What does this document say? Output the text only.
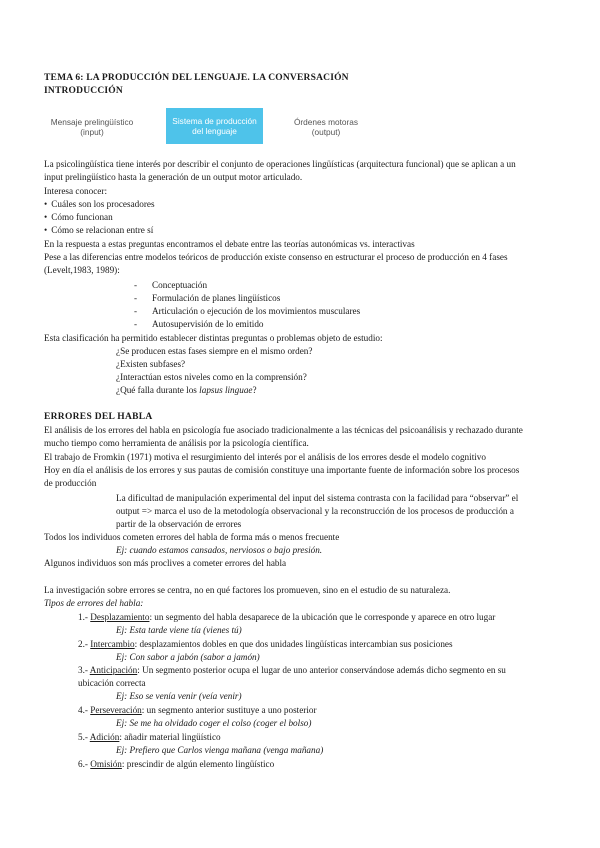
TEMA 6: LA PRODUCCIÓN DEL LENGUAJE. LA CONVERSACIÓN
INTRODUCCIÓN
Mensaje prelingüístico
(input)
Sistema de producción
del lenguaje
Órdenes motoras
(output)
La psicolingüística tiene interés por describir el conjunto de operaciones lingüísticas (arquitectura funcional) que se aplican a un
input prelingüístico hasta la generación de un output motor articulado.
Interesa conocer:
• Cuáles son los procesadores
• Cómo funcionan
• Cómo se relacionan entre sí
En la respuesta a estas preguntas encontramos el debate entre las teorías autonómicas vs. interactivas
Pese a las diferencias entre modelos teóricos de producción existe consenso en estructurar el proceso de producción en 4 fases
(Levelt,1983, 1989):
- Conceptuación
- Formulación de planes lingüísticos
- Articulación o ejecución de los movimientos musculares
- Autosupervisión de lo emitido
Esta clasificación ha permitido establecer distintas preguntas o problemas objeto de estudio:
¿Se producen estas fases siempre en el mismo orden?
¿Existen subfases?
¿Interactúan estos niveles como en la comprensión?
¿Qué falla durante los lapsus linguae?
ERRORES DEL HABLA
El análisis de los errores del habla en psicología fue asociado tradicionalmente a las técnicas del psicoanálisis y rechazado durante
mucho tiempo como herramienta de análisis por la psicología científica.
El trabajo de Fromkin (1971) motiva el resurgimiento del interés por el análisis de los errores desde el modelo cognitivo
Hoy en día el análisis de los errores y sus pautas de comisión constituye una importante fuente de información sobre los procesos
de producción
La dificultad de manipulación experimental del input del sistema contrasta con la facilidad para “observar” el
output => marca el uso de la metodología observacional y la reconstrucción de los procesos de producción a
partir de la observación de errores
Todos los individuos cometen errores del habla de forma más o menos frecuente
Ej: cuando estamos cansados, nerviosos o bajo presión.
Algunos individuos son más proclives a cometer errores del habla
La investigación sobre errores se centra, no en qué factores los promueven, sino en el estudio de su naturaleza.
Tipos de errores del habla:
1.- Desplazamiento: un segmento del habla desaparece de la ubicación que le corresponde y aparece en otro lugar
Ej: Esta tarde viene tía (vienes tú)
2.- Intercambio: desplazamientos dobles en que dos unidades lingüísticas intercambian sus posiciones
Ej: Con sabor a jabón (sabor a jamón)
3.- Anticipación: Un segmento posterior ocupa el lugar de uno anterior conservándose además dicho segmento en su
ubicación correcta
Ej: Eso se venía venir (veía venir)
4.- Perseveración: un segmento anterior sustituye a uno posterior
Ej: Se me ha olvidado coger el colso (coger el bolso)
5.- Adición: añadir material lingüístico
Ej: Prefiero que Carlos vienga mañana (venga mañana)
6.- Omisión: prescindir de algún elemento lingüístico
